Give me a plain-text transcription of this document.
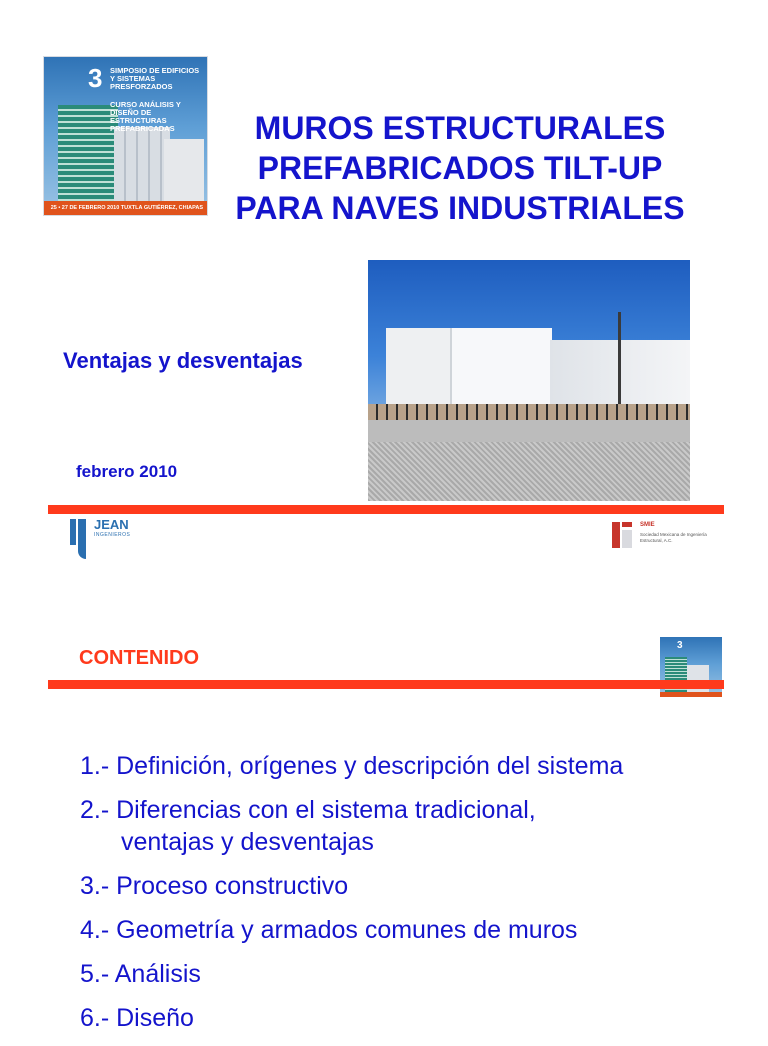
3 SIMPOSIO DE EDIFICIOS Y SISTEMAS PRESFORZADOS
CURSO ANÁLISIS Y DISEÑO DE ESTRUCTURAS PREFABRICADAS
25 • 27 DE FEBRERO 2010 TUXTLA GUTIÉRREZ, CHIAPAS
MUROS ESTRUCTURALES
PREFABRICADOS TILT-UP
PARA NAVES INDUSTRIALES
Ventajas y desventajas
febrero 2010
JEAN
INGENIEROS
SMIE
Sociedad Mexicana de Ingeniería Estructural, A.C.
CONTENIDO
3
1.- Definición, orígenes y descripción del sistema
2.- Diferencias con el sistema tradicional,
ventajas y desventajas
3.- Proceso constructivo
4.- Geometría y armados comunes de muros
5.- Análisis
6.- Diseño
